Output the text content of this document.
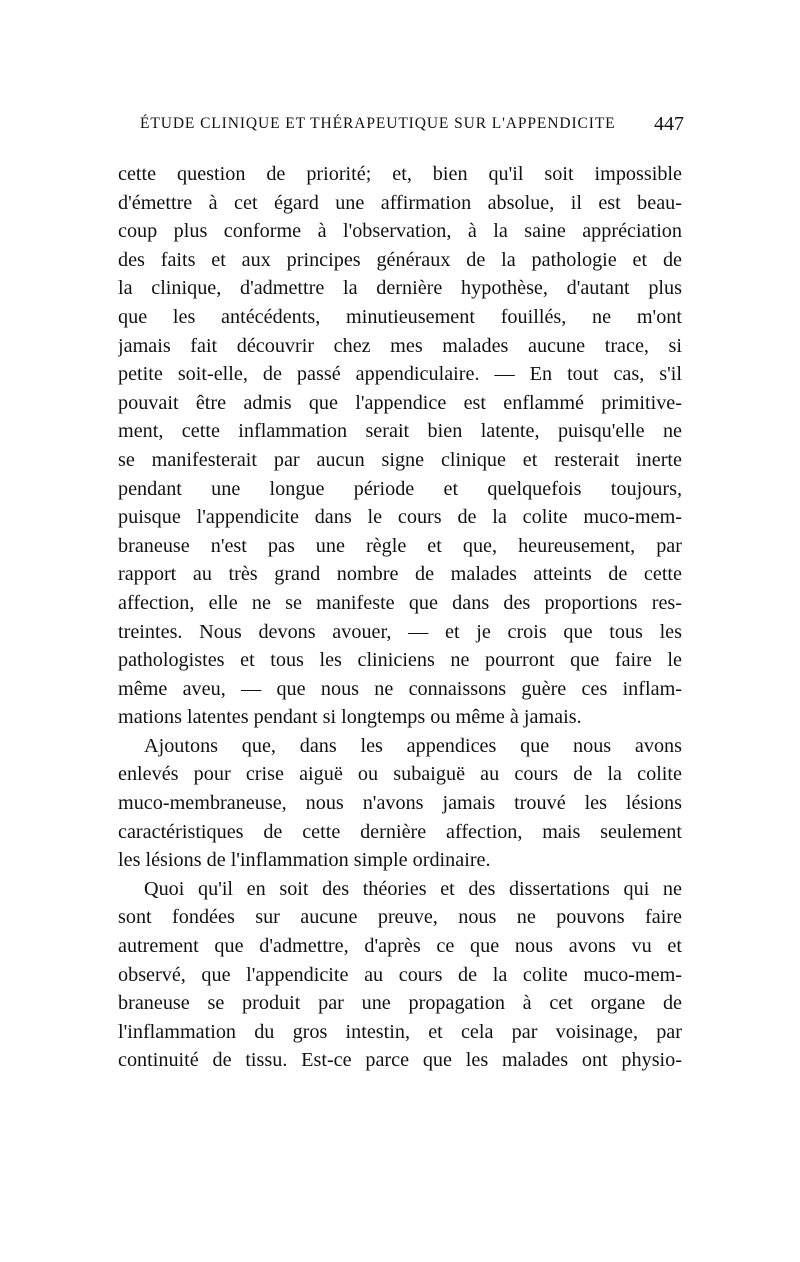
ÉTUDE CLINIQUE ET THÉRAPEUTIQUE SUR L'APPENDICITE 447
cette question de priorité; et, bien qu'il soit impossible
d'émettre à cet égard une affirmation absolue, il est beau-
coup plus conforme à l'observation, à la saine appréciation
des faits et aux principes généraux de la pathologie et de
la clinique, d'admettre la dernière hypothèse, d'autant plus
que les antécédents, minutieusement fouillés, ne m'ont
jamais fait découvrir chez mes malades aucune trace, si
petite soit-elle, de passé appendiculaire. — En tout cas, s'il
pouvait être admis que l'appendice est enflammé primitive-
ment, cette inflammation serait bien latente, puisqu'elle ne
se manifesterait par aucun signe clinique et resterait inerte
pendant une longue période et quelquefois toujours,
puisque l'appendicite dans le cours de la colite muco-mem-
braneuse n'est pas une règle et que, heureusement, par
rapport au très grand nombre de malades atteints de cette
affection, elle ne se manifeste que dans des proportions res-
treintes. Nous devons avouer, — et je crois que tous les
pathologistes et tous les cliniciens ne pourront que faire le
même aveu, — que nous ne connaissons guère ces inflam-
mations latentes pendant si longtemps ou même à jamais.
Ajoutons que, dans les appendices que nous avons
enlevés pour crise aiguë ou subaiguë au cours de la colite
muco-membraneuse, nous n'avons jamais trouvé les lésions
caractéristiques de cette dernière affection, mais seulement
les lésions de l'inflammation simple ordinaire.
Quoi qu'il en soit des théories et des dissertations qui ne
sont fondées sur aucune preuve, nous ne pouvons faire
autrement que d'admettre, d'après ce que nous avons vu et
observé, que l'appendicite au cours de la colite muco-mem-
braneuse se produit par une propagation à cet organe de
l'inflammation du gros intestin, et cela par voisinage, par
continuité de tissu. Est-ce parce que les malades ont physio-
